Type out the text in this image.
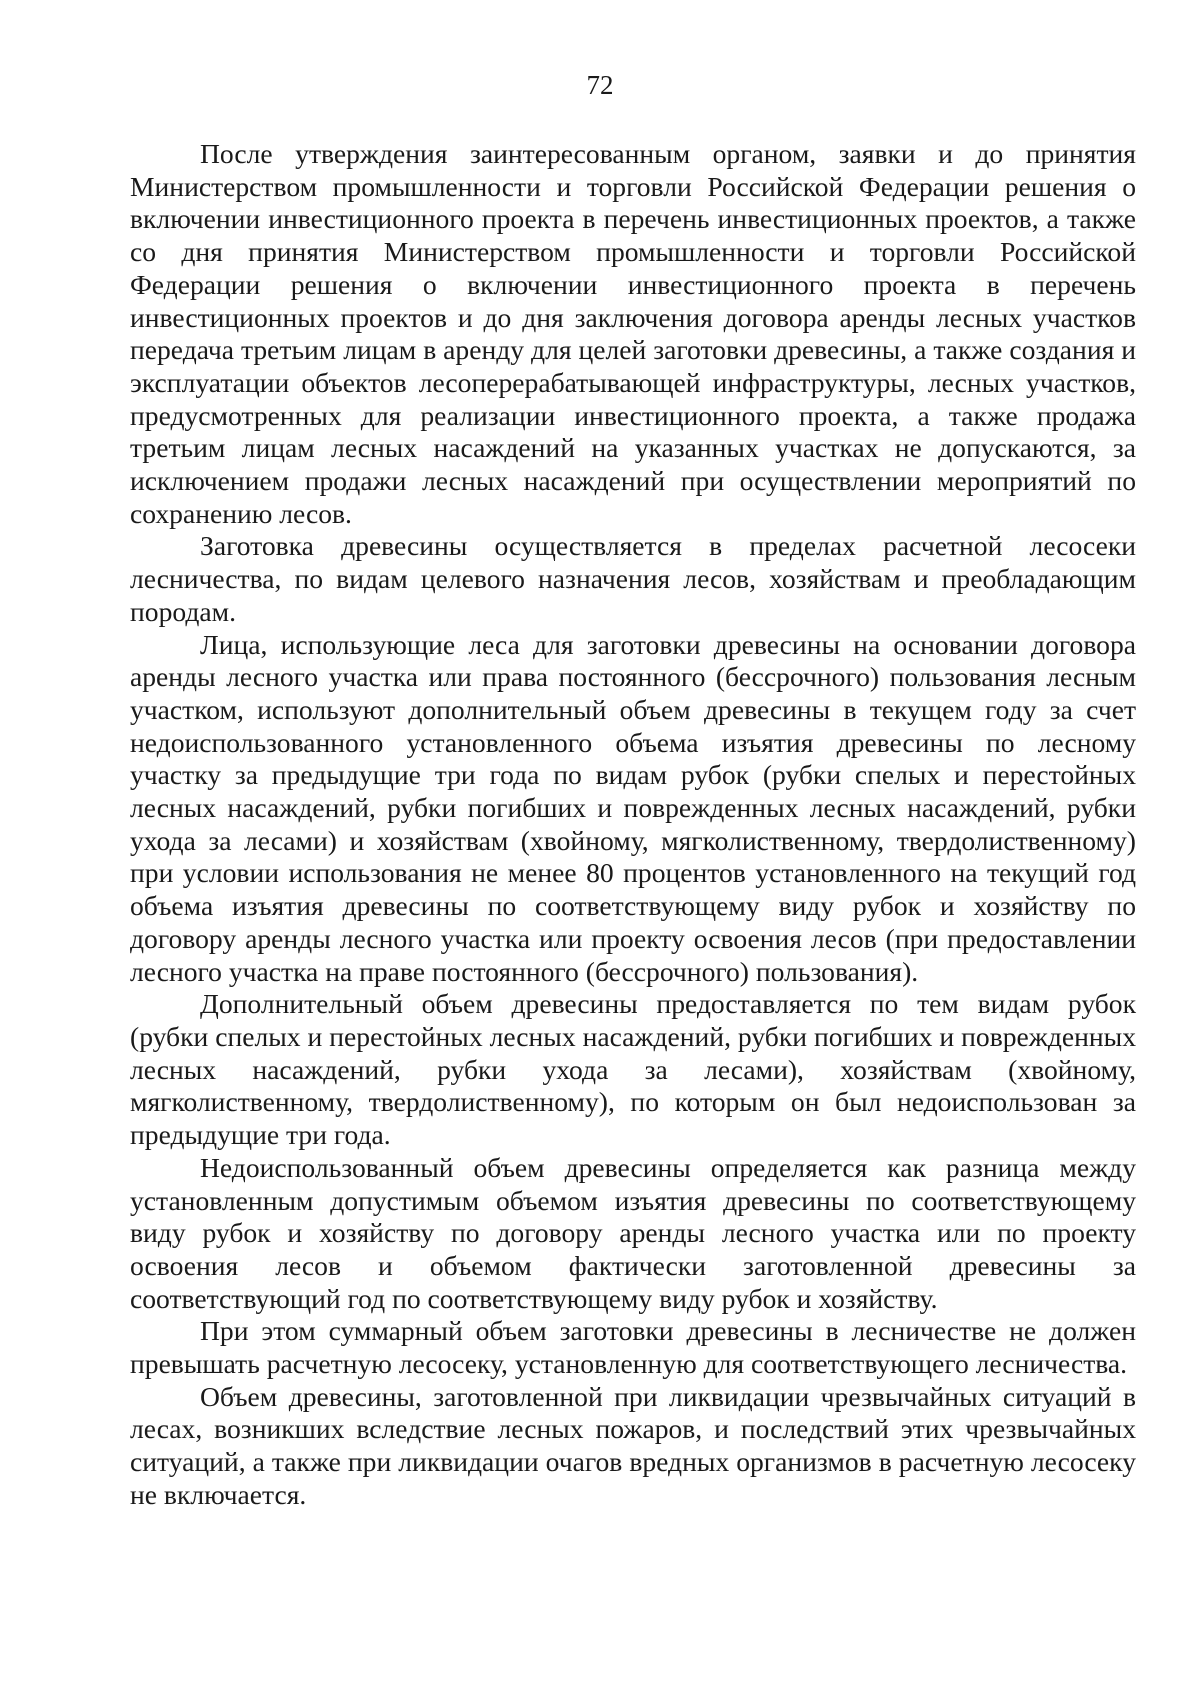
72

После утверждения заинтересованным органом, заявки и до принятия Министерством промышленности и торговли Российской Федерации решения о включении инвестиционного проекта в перечень инвестиционных проектов, а также со дня принятия Министерством промышленности и торговли Российской Федерации решения о включении инвестиционного проекта в перечень инвестиционных проектов и до дня заключения договора аренды лесных участков передача третьим лицам в аренду для целей заготовки древесины, а также создания и эксплуатации объектов лесоперерабатывающей инфраструктуры, лесных участков, предусмотренных для реализации инвестиционного проекта, а также продажа третьим лицам лесных насаждений на указанных участках не допускаются, за исключением продажи лесных насаждений при осуществлении мероприятий по сохранению лесов.

Заготовка древесины осуществляется в пределах расчетной лесосеки лесничества, по видам целевого назначения лесов, хозяйствам и преобладающим породам.

Лица, использующие леса для заготовки древесины на основании договора аренды лесного участка или права постоянного (бессрочного) пользования лесным участком, используют дополнительный объем древесины в текущем году за счет недоиспользованного установленного объема изъятия древесины по лесному участку за предыдущие три года по видам рубок (рубки спелых и перестойных лесных насаждений, рубки погибших и поврежденных лесных насаждений, рубки ухода за лесами) и хозяйствам (хвойному, мягколиственному, твердолиственному) при условии использования не менее 80 процентов установленного на текущий год объема изъятия древесины по соответствующему виду рубок и хозяйству по договору аренды лесного участка или проекту освоения лесов (при предоставлении лесного участка на праве постоянного (бессрочного) пользования).

Дополнительный объем древесины предоставляется по тем видам рубок (рубки спелых и перестойных лесных насаждений, рубки погибших и поврежденных лесных насаждений, рубки ухода за лесами), хозяйствам (хвойному, мягколиственному, твердолиственному), по которым он был недоиспользован за предыдущие три года.

Недоиспользованный объем древесины определяется как разница между установленным допустимым объемом изъятия древесины по соответствующему виду рубок и хозяйству по договору аренды лесного участка или по проекту освоения лесов и объемом фактически заготовленной древесины за соответствующий год по соответствующему виду рубок и хозяйству.

При этом суммарный объем заготовки древесины в лесничестве не должен превышать расчетную лесосеку, установленную для соответствующего лесничества.

Объем древесины, заготовленной при ликвидации чрезвычайных ситуаций в лесах, возникших вследствие лесных пожаров, и последствий этих чрезвычайных ситуаций, а также при ликвидации очагов вредных организмов в расчетную лесосеку не включается.
